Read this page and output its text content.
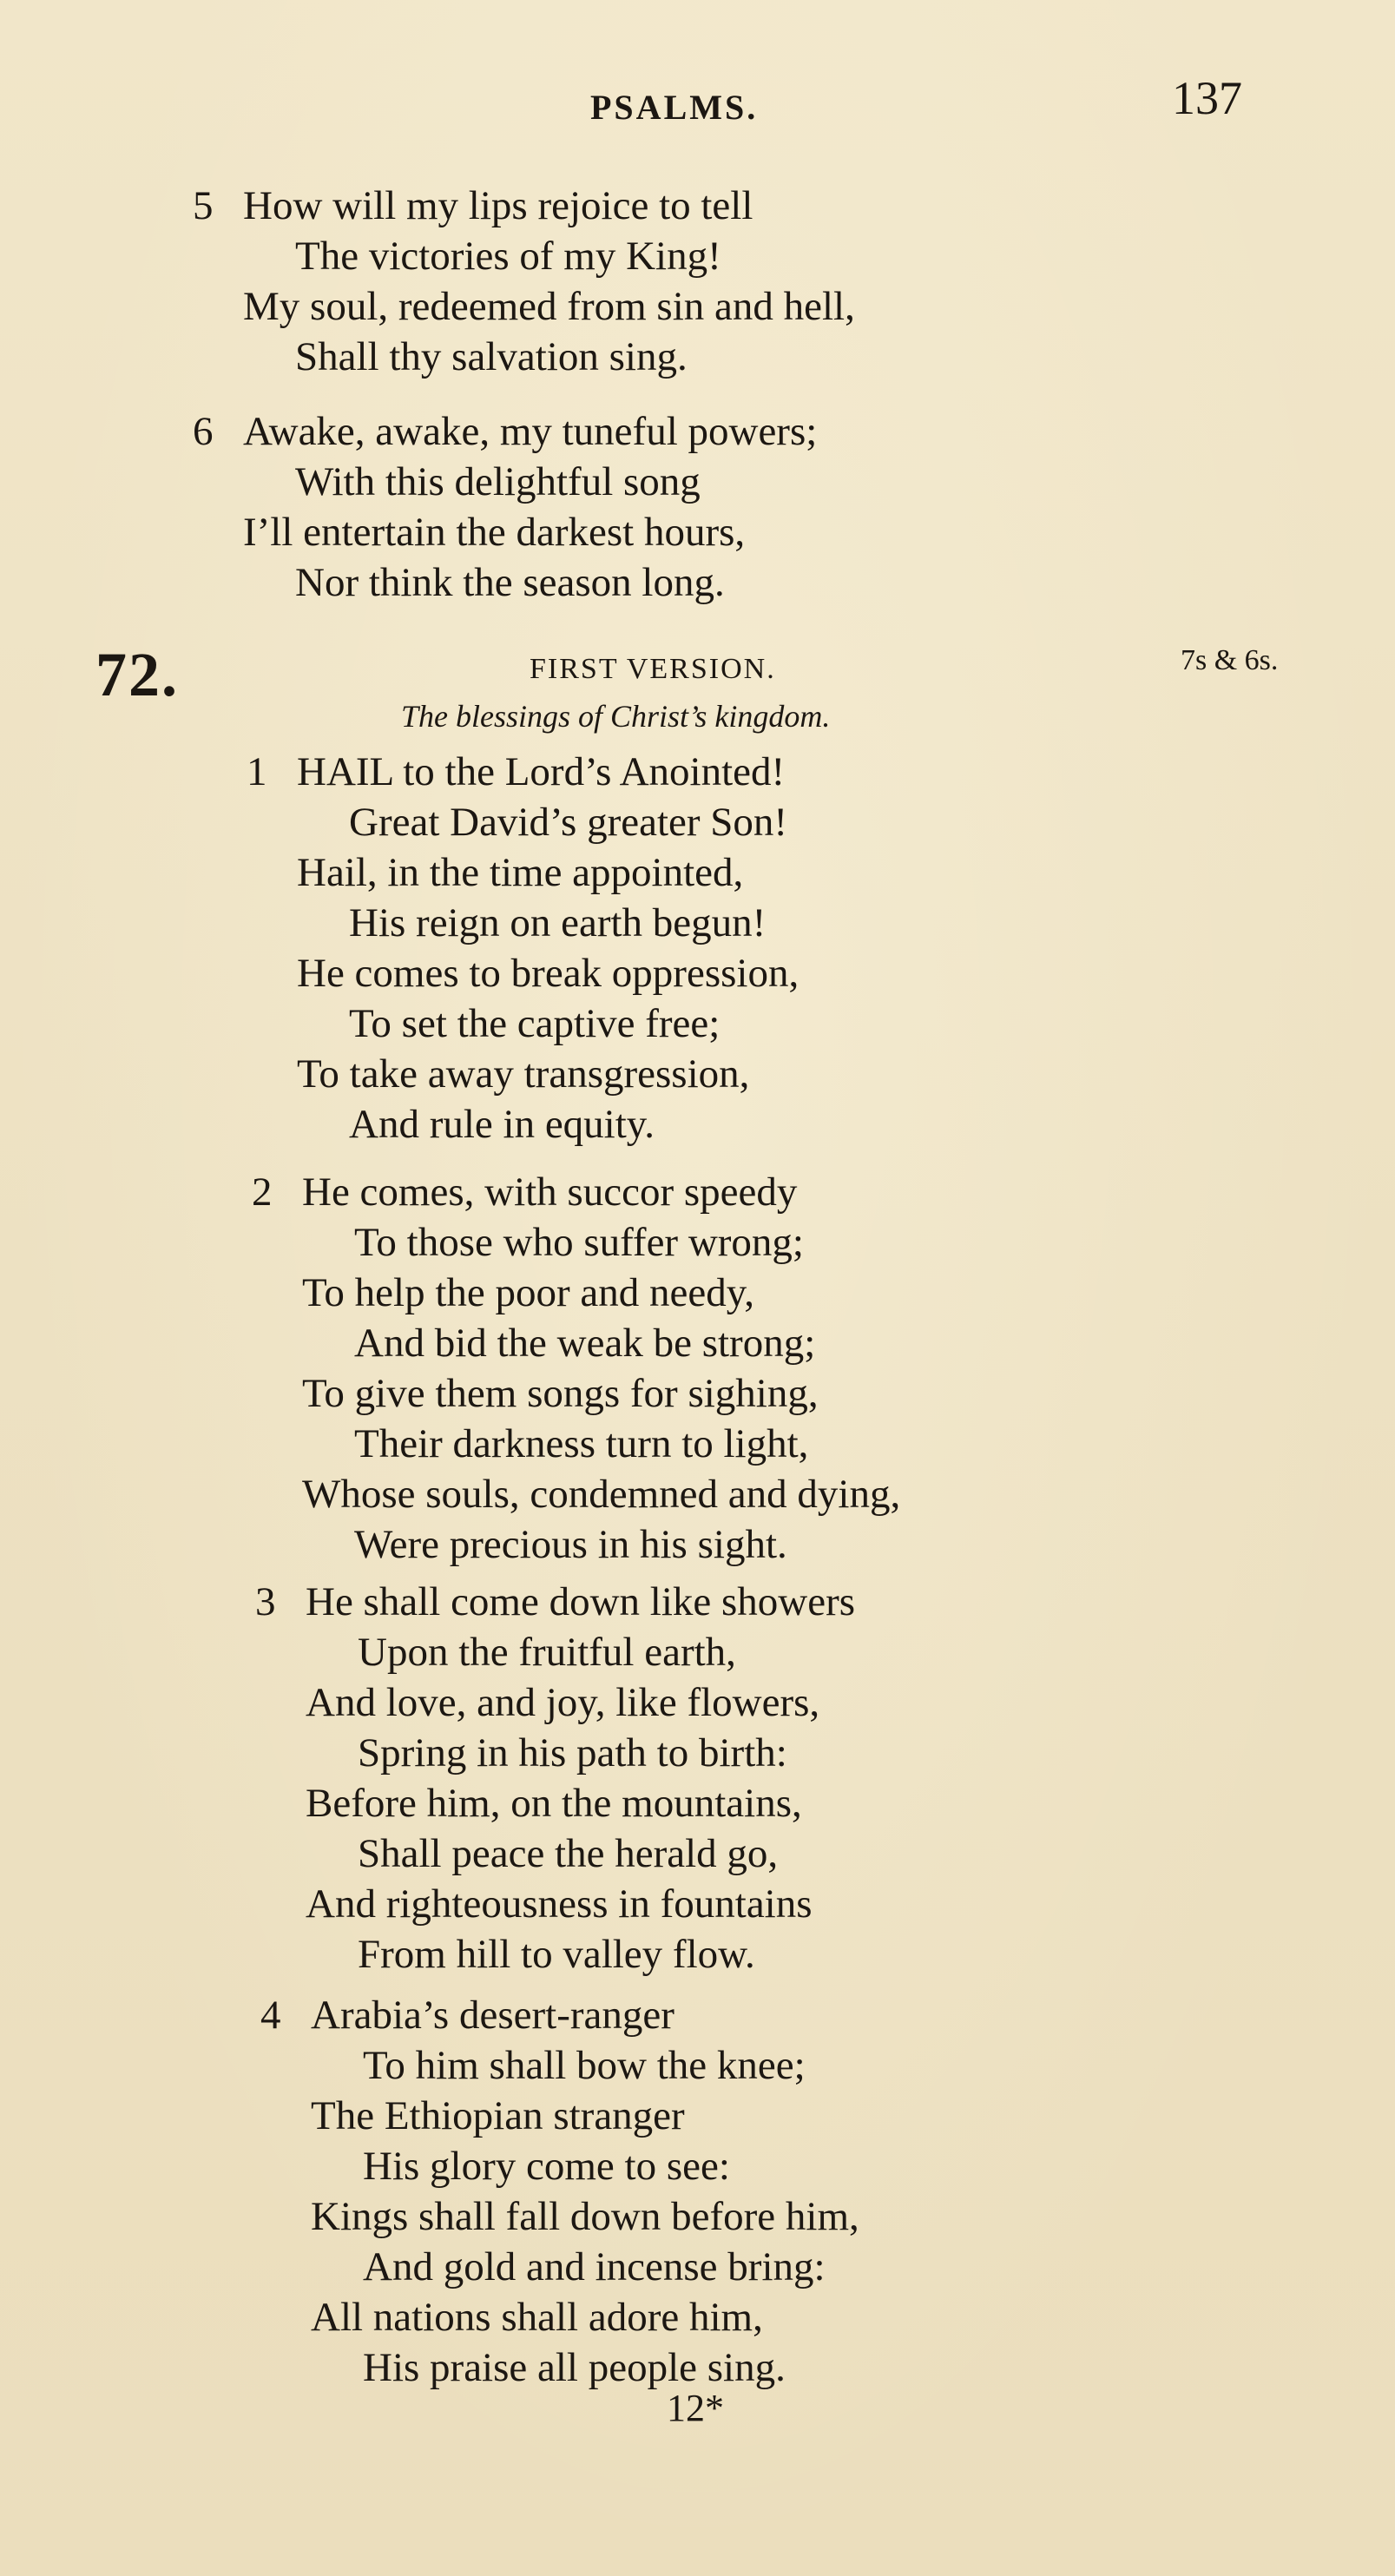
PSALMS.	137
5 How will my lips rejoice to tell
The victories of my King!
My soul, redeemed from sin and hell,
Shall thy salvation sing.
6 Awake, awake, my tuneful powers;
With this delightful song
I’ll entertain the darkest hours,
Nor think the season long.
72.	FIRST VERSION.	7s & 6s.
The blessings of Christ’s kingdom.
1 HAIL to the Lord’s Anointed!
Great David’s greater Son!
Hail, in the time appointed,
His reign on earth begun!
He comes to break oppression,
To set the captive free;
To take away transgression,
And rule in equity.
2 He comes, with succor speedy
To those who suffer wrong;
To help the poor and needy,
And bid the weak be strong;
To give them songs for sighing,
Their darkness turn to light,
Whose souls, condemned and dying,
Were precious in his sight.
3 He shall come down like showers
Upon the fruitful earth,
And love, and joy, like flowers,
Spring in his path to birth:
Before him, on the mountains,
Shall peace the herald go,
And righteousness in fountains
From hill to valley flow.
4 Arabia’s desert-ranger
To him shall bow the knee;
The Ethiopian stranger
His glory come to see:
Kings shall fall down before him,
And gold and incense bring:
All nations shall adore him,
His praise all people sing.
12*
